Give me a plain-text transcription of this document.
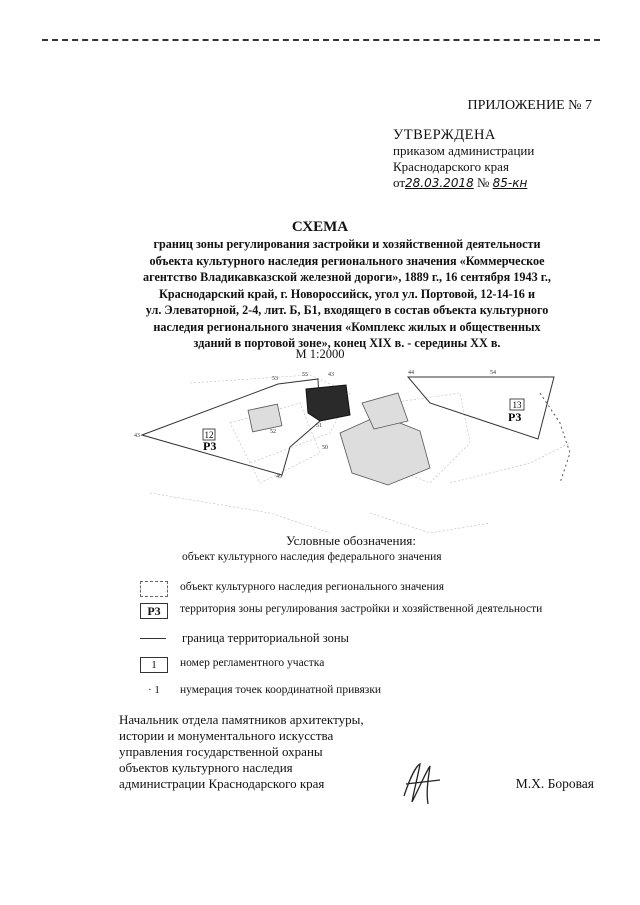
ПРИЛОЖЕНИЕ № 7
УТВЕРЖДЕНА
приказом администрации
Краснодарского края
от28.03.2018 № 85-кн
СХЕМА
границ зоны регулирования застройки и хозяйственной деятельности
объекта культурного наследия регионального значения «Коммерческое
агентство Владикавказской железной дороги», 1889 г., 16 сентября 1943 г.,
Краснодарский край, г. Новороссийск, угол ул. Портовой, 12-14-16 и
ул. Элеваторной, 2-4, лит. Б, Б1, входящего в состав объекта культурного
наследия регионального значения «Комплекс жилых и общественных
зданий в портовой зоне», конец XIX в. - середины XX в.
М 1:2000
12
Р3
13
Р3
43
53
55	43	44	54
51
50
49
52
Условные обозначения:
объект культурного наследия федерального значения
объект культурного наследия регионального значения
Р3	территория зоны регулирования застройки и хозяйственной деятельности
граница территориальной зоны
1	номер регламентного участка
· 1 нумерация точек координатной привязки
Начальник отдела памятников архитектуры,
истории и монументального искусства
управления государственной охраны
объектов культурного наследия
администрации Краснодарского края	М.Х. Боровая
